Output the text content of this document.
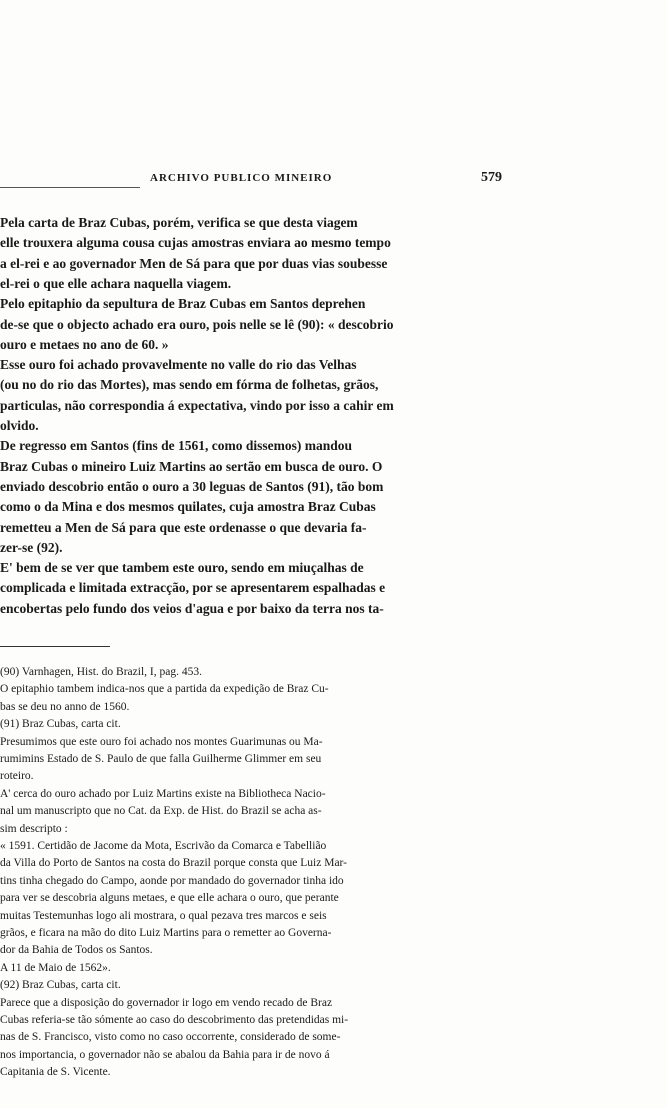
ARCHIVO PUBLICO MINEIRO	579
Pela carta de Braz Cubas, porém, verifica se que desta viagem
elle trouxera alguma cousa cujas amostras enviara ao mesmo tempo
a el-rei e ao governador Men de Sá para que por duas vias soubesse
el-rei o que elle achara naquella viagem.
Pelo epitaphio da sepultura de Braz Cubas em Santos deprehen
de-se que o objecto achado era ouro, pois nelle se lê (90): « descobrio
ouro e metaes no ano de 60. »
Esse ouro foi achado provavelmente no valle do rio das Velhas
(ou no do rio das Mortes), mas sendo em fórma de folhetas, grãos,
particulas, não correspondia á expectativa, vindo por isso a cahir em
olvido.
De regresso em Santos (fins de 1561, como dissemos) mandou
Braz Cubas o mineiro Luiz Martins ao sertão em busca de ouro. O
enviado descobrio então o ouro a 30 leguas de Santos (91), tão bom
como o da Mina e dos mesmos quilates, cuja amostra Braz Cubas
remetteu a Men de Sá para que este ordenasse o que devaria fa-
zer-se (92).
E' bem de se ver que tambem este ouro, sendo em miuçalhas de
complicada e limitada extracção, por se apresentarem espalhadas e
encobertas pelo fundo dos veios d'agua e por baixo da terra nos ta-
(90) Varnhagen, Hist. do Brazil, I, pag. 453.
O epitaphio tambem indica-nos que a partida da expedição de Braz Cu-
bas se deu no anno de 1560.
(91) Braz Cubas, carta cit.
Presumimos que este ouro foi achado nos montes Guarimunas ou Ma-
rumimins Estado de S. Paulo de que falla Guilherme Glimmer em seu
roteiro.
A' cerca do ouro achado por Luiz Martins existe na Bibliotheca Nacio-
nal um manuscripto que no Cat. da Exp. de Hist. do Brazil se acha as-
sim descripto :
« 1591. Certidão de Jacome da Mota, Escrivão da Comarca e Tabellião
da Villa do Porto de Santos na costa do Brazil porque consta que Luiz Mar-
tins tinha chegado do Campo, aonde por mandado do governador tinha ido
para ver se descobria alguns metaes, e que elle achara o ouro, que perante
muitas Testemunhas logo ali mostrara, o qual pezava tres marcos e seis
grãos, e ficara na mão do dito Luiz Martins para o remetter ao Governa-
dor da Bahia de Todos os Santos.
A 11 de Maio de 1562».
(92) Braz Cubas, carta cit.
Parece que a disposição do governador ir logo em vendo recado de Braz
Cubas referia-se tão sómente ao caso do descobrimento das pretendidas mi-
nas de S. Francisco, visto como no caso occorrente, considerado de some-
nos importancia, o governador não se abalou da Bahia para ir de novo á
Capitania de S. Vicente.
